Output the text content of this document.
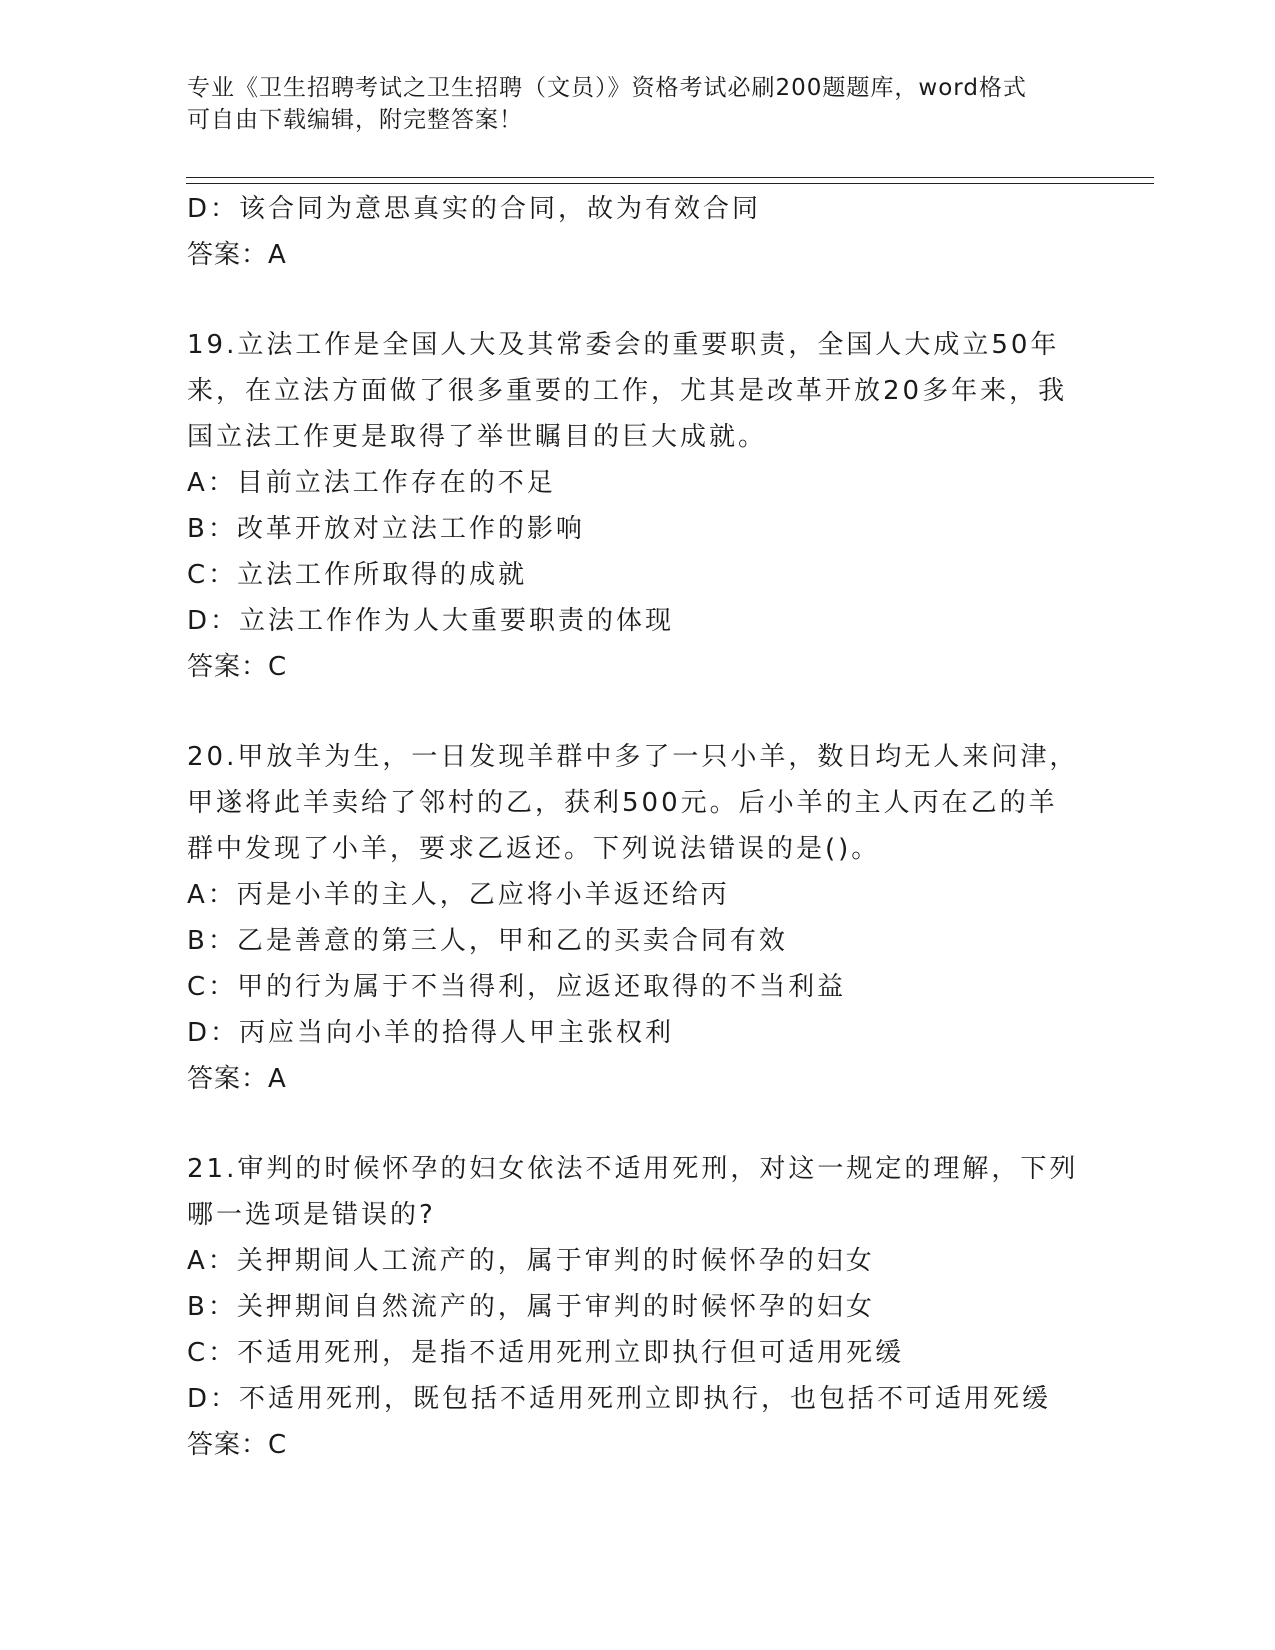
专业《卫生招聘考试之卫生招聘（文员）》资格考试必刷200题题库，word格式
可自由下载编辑，附完整答案！
D：该合同为意思真实的合同，故为有效合同
答案：A
19.立法工作是全国人大及其常委会的重要职责，全国人大成立50年
来，在立法方面做了很多重要的工作，尤其是改革开放20多年来，我
国立法工作更是取得了举世瞩目的巨大成就。
A：目前立法工作存在的不足
B：改革开放对立法工作的影响
C：立法工作所取得的成就
D：立法工作作为人大重要职责的体现
答案：C
20.甲放羊为生，一日发现羊群中多了一只小羊，数日均无人来问津，
甲遂将此羊卖给了邻村的乙，获利500元。后小羊的主人丙在乙的羊
群中发现了小羊，要求乙返还。下列说法错误的是()。
A：丙是小羊的主人，乙应将小羊返还给丙
B：乙是善意的第三人，甲和乙的买卖合同有效
C：甲的行为属于不当得利，应返还取得的不当利益
D：丙应当向小羊的拾得人甲主张权利
答案：A
21.审判的时候怀孕的妇女依法不适用死刑，对这一规定的理解，下列
哪一选项是错误的?
A：关押期间人工流产的，属于审判的时候怀孕的妇女
B：关押期间自然流产的，属于审判的时候怀孕的妇女
C：不适用死刑，是指不适用死刑立即执行但可适用死缓
D：不适用死刑，既包括不适用死刑立即执行，也包括不可适用死缓
答案：C
